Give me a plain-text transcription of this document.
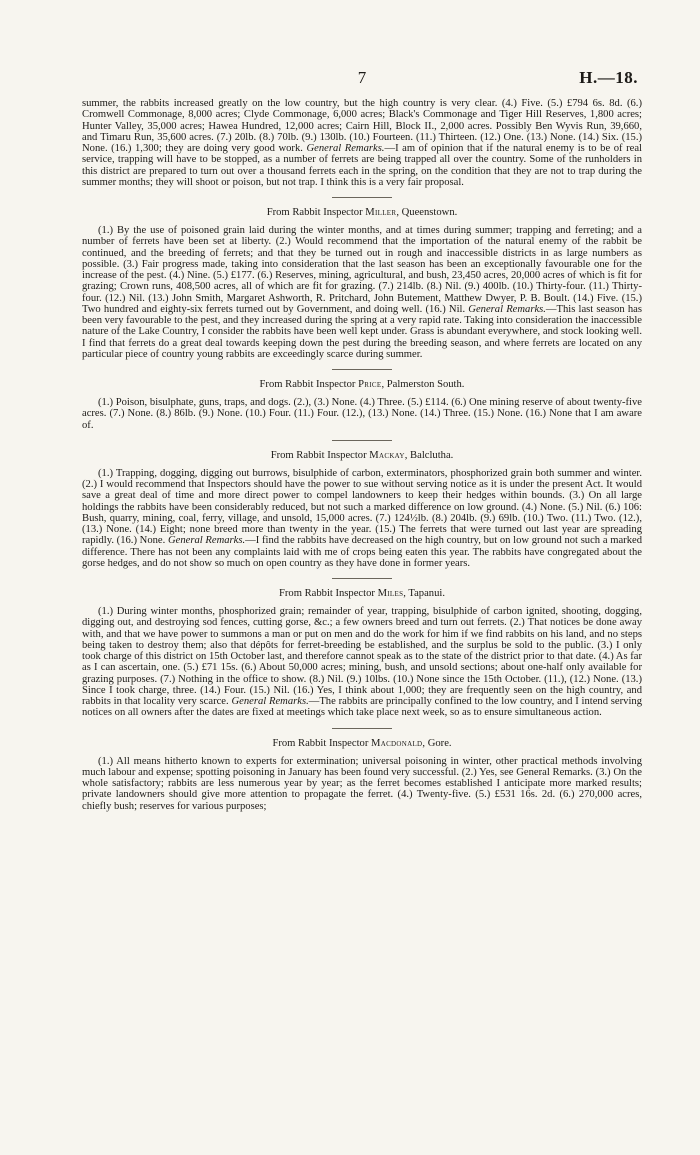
7	H.—18.

summer, the rabbits increased greatly on the low country, but the high country is very clear. (4.) Five. (5.) £794 6s. 8d. (6.) Cromwell Commonage, 8,000 acres; Clyde Commonage, 6,000 acres; Black's Commonage and Tiger Hill Reserves, 1,800 acres; Hunter Valley, 35,000 acres; Hawea Hundred, 12,000 acres; Cairn Hill, Block II., 2,000 acres. Possibly Ben Wyvis Run, 39,660, and Timaru Run, 35,600 acres. (7.) 20lb. (8.) 70lb. (9.) 130lb. (10.) Fourteen. (11.) Thirteen. (12.) One. (13.) None. (14.) Six. (15.) None. (16.) 1,300; they are doing very good work. General Remarks.—I am of opinion that if the natural enemy is to be of real service, trapping will have to be stopped, as a number of ferrets are being trapped all over the country. Some of the runholders in this district are prepared to turn out over a thousand ferrets each in the spring, on the condition that they are not to trap during the summer months; they will shoot or poison, but not trap. I think this is a very fair proposal.

From Rabbit Inspector Miller, Queenstown.

(1.) By the use of poisoned grain laid during the winter months, and at times during summer; trapping and ferreting; and a number of ferrets have been set at liberty. (2.) Would recommend that the importation of the natural enemy of the rabbit be continued, and the breeding of ferrets; and that they be turned out in rough and inaccessible districts in as large numbers as possible. (3.) Fair progress made, taking into consideration that the last season has been an exceptionally favourable one for the increase of the pest. (4.) Nine. (5.) £177. (6.) Reserves, mining, agricultural, and bush, 23,450 acres, 20,000 acres of which is fit for grazing; Crown runs, 408,500 acres, all of which are fit for grazing. (7.) 214lb. (8.) Nil. (9.) 400lb. (10.) Thirty-four. (11.) Thirty-four. (12.) Nil. (13.) John Smith, Margaret Ashworth, R. Pritchard, John Butement, Matthew Dwyer, P. B. Boult. (14.) Five. (15.) Two hundred and eighty-six ferrets turned out by Government, and doing well. (16.) Nil. General Remarks.—This last season has been very favourable to the pest, and they increased during the spring at a very rapid rate. Taking into consideration the inaccessible nature of the Lake Country, I consider the rabbits have been well kept under. Grass is abundant everywhere, and stock looking well. I find that ferrets do a great deal towards keeping down the pest during the breeding season, and where ferrets are located on any particular piece of country young rabbits are exceedingly scarce during summer.

From Rabbit Inspector Price, Palmerston South.

(1.) Poison, bisulphate, guns, traps, and dogs. (2.), (3.) None. (4.) Three. (5.) £114. (6.) One mining reserve of about twenty-five acres. (7.) None. (8.) 86lb. (9.) None. (10.) Four. (11.) Four. (12.), (13.) None. (14.) Three. (15.) None. (16.) None that I am aware of.

From Rabbit Inspector Mackay, Balclutha.

(1.) Trapping, dogging, digging out burrows, bisulphide of carbon, exterminators, phosphorized grain both summer and winter. (2.) I would recommend that Inspectors should have the power to sue without serving notice as it is under the present Act. It would save a great deal of time and more direct power to compel landowners to keep their hedges within bounds. (3.) On all large holdings the rabbits have been considerably reduced, but not such a marked difference on low ground. (4.) None. (5.) Nil. (6.) 106: Bush, quarry, mining, coal, ferry, village, and unsold, 15,000 acres. (7.) 124½lb. (8.) 204lb. (9.) 69lb. (10.) Two. (11.) Two. (12.), (13.) None. (14.) Eight; none breed more than twenty in the year. (15.) The ferrets that were turned out last year are spreading rapidly. (16.) None. General Remarks.—I find the rabbits have decreased on the high country, but on low ground not such a marked difference. There has not been any complaints laid with me of crops being eaten this year. The rabbits have congregated about the gorse hedges, and do not show so much on open country as they have done in former years.

From Rabbit Inspector Miles, Tapanui.

(1.) During winter months, phosphorized grain; remainder of year, trapping, bisulphide of carbon ignited, shooting, dogging, digging out, and destroying sod fences, cutting gorse, &c.; a few owners breed and turn out ferrets. (2.) That notices be done away with, and that we have power to summons a man or put on men and do the work for him if we find rabbits on his land, and no steps being taken to destroy them; also that dépôts for ferret-breeding be established, and the surplus be sold to the public. (3.) I only took charge of this district on 15th October last, and therefore cannot speak as to the state of the district prior to that date. (4.) As far as I can ascertain, one. (5.) £71 15s. (6.) About 50,000 acres; mining, bush, and unsold sections; about one-half only available for grazing purposes. (7.) Nothing in the office to show. (8.) Nil. (9.) 10lbs. (10.) None since the 15th October. (11.), (12.) None. (13.) Since I took charge, three. (14.) Four. (15.) Nil. (16.) Yes, I think about 1,000; they are frequently seen on the high country, and rabbits in that locality very scarce. General Remarks.—The rabbits are principally confined to the low country, and I intend serving notices on all owners after the dates are fixed at meetings which take place next week, so as to ensure simultaneous action.

From Rabbit Inspector Macdonald, Gore.

(1.) All means hitherto known to experts for extermination; universal poisoning in winter, other practical methods involving much labour and expense; spotting poisoning in January has been found very successful. (2.) Yes, see General Remarks. (3.) On the whole satisfactory; rabbits are less numerous year by year; as the ferret becomes established I anticipate more marked results; private landowners should give more attention to propagate the ferret. (4.) Twenty-five. (5.) £531 16s. 2d. (6.) 270,000 acres, chiefly bush; reserves for various purposes;
